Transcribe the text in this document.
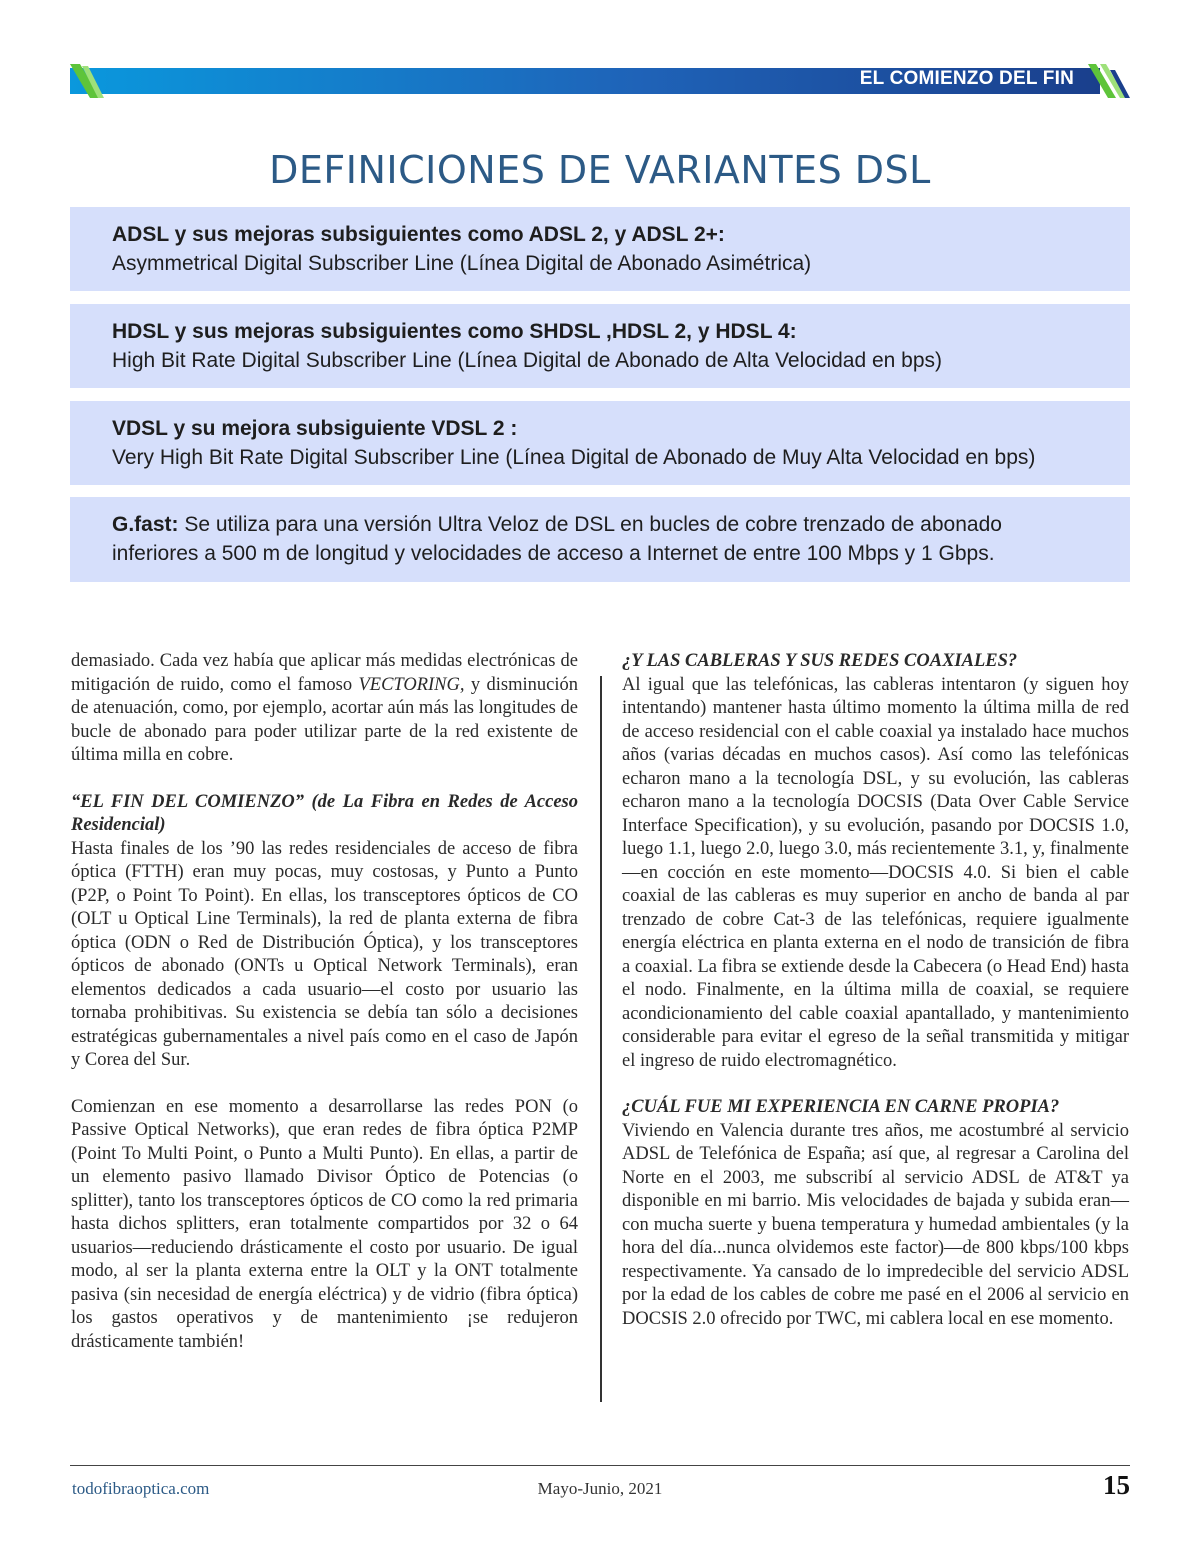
EL COMIENZO DEL FIN
DEFINICIONES DE VARIANTES DSL
ADSL y sus mejoras subsiguientes como ADSL 2, y ADSL 2+:
Asymmetrical Digital Subscriber Line (Línea Digital de Abonado Asimétrica)
HDSL y sus mejoras subsiguientes como SHDSL ,HDSL 2, y HDSL 4:
High Bit Rate Digital Subscriber Line (Línea Digital de Abonado de Alta Velocidad en bps)
VDSL y su mejora subsiguiente VDSL 2 :
Very High Bit Rate Digital Subscriber Line (Línea Digital de Abonado de Muy Alta Velocidad en bps)
G.fast: Se utiliza para una versión Ultra Veloz de DSL en bucles de cobre trenzado de abonado inferiores a 500 m de longitud y velocidades de acceso a Internet de entre 100 Mbps y 1 Gbps.

demasiado. Cada vez había que aplicar más medidas electrónicas de mitigación de ruido, como el famoso VECTORING, y disminución de atenuación, como, por ejemplo, acortar aún más las longitudes de bucle de abonado para poder utilizar parte de la red existente de última milla en cobre.

“EL FIN DEL COMIENZO” (de La Fibra en Redes de Acceso Residencial)

Hasta finales de los ’90 las redes residenciales de acceso de fibra óptica (FTTH) eran muy pocas, muy costosas, y Punto a Punto (P2P, o Point To Point). En ellas, los transceptores ópticos de CO (OLT u Optical Line Terminals), la red de planta externa de fibra óptica (ODN o Red de Distribución Óptica), y los transceptores ópticos de abonado (ONTs u Optical Network Terminals), eran elementos dedicados a cada usuario—el costo por usuario las tornaba prohibitivas. Su existencia se debía tan sólo a decisiones estratégicas gubernamentales a nivel país como en el caso de Japón y Corea del Sur.

Comienzan en ese momento a desarrollarse las redes PON (o Passive Optical Networks), que eran redes de fibra óptica P2MP (Point To Multi Point, o Punto a Multi Punto). En ellas, a partir de un elemento pasivo llamado Divisor Óptico de Potencias (o splitter), tanto los transceptores ópticos de CO como la red primaria hasta dichos splitters, eran totalmente compartidos por 32 o 64 usuarios—reduciendo drásticamente el costo por usuario. De igual modo, al ser la planta externa entre la OLT y la ONT totalmente pasiva (sin necesidad de energía eléctrica) y de vidrio (fibra óptica) los gastos operativos y de mantenimiento ¡se redujeron drásticamente también!

¿Y LAS CABLERAS Y SUS REDES COAXIALES?

Al igual que las telefónicas, las cableras intentaron (y siguen hoy intentando) mantener hasta último momento la última milla de red de acceso residencial con el cable coaxial ya instalado hace muchos años (varias décadas en muchos casos). Así como las telefónicas echaron mano a la tecnología DSL, y su evolución, las cableras echaron mano a la tecnología DOCSIS (Data Over Cable Service Interface Specification), y su evolución, pasando por DOCSIS 1.0, luego 1.1, luego 2.0, luego 3.0, más recientemente 3.1, y, finalmente—en cocción en este momento—DOCSIS 4.0. Si bien el cable coaxial de las cableras es muy superior en ancho de banda al par trenzado de cobre Cat-3 de las telefónicas, requiere igualmente energía eléctrica en planta externa en el nodo de transición de fibra a coaxial. La fibra se extiende desde la Cabecera (o Head End) hasta el nodo. Finalmente, en la última milla de coaxial, se requiere acondicionamiento del cable coaxial apantallado, y mantenimiento considerable para evitar el egreso de la señal transmitida y mitigar el ingreso de ruido electromagnético.

¿CUÁL FUE MI EXPERIENCIA EN CARNE PROPIA?

Viviendo en Valencia durante tres años, me acostumbré al servicio ADSL de Telefónica de España; así que, al regresar a Carolina del Norte en el 2003, me subscribí al servicio ADSL de AT&T ya disponible en mi barrio. Mis velocidades de bajada y subida eran—con mucha suerte y buena temperatura y humedad ambientales (y la hora del día...nunca olvidemos este factor)—de 800 kbps/100 kbps respectivamente. Ya cansado de lo impredecible del servicio ADSL por la edad de los cables de cobre me pasé en el 2006 al servicio en DOCSIS 2.0 ofrecido por TWC, mi cablera local en ese momento.

todofibraoptica.com	Mayo-Junio, 2021	15
